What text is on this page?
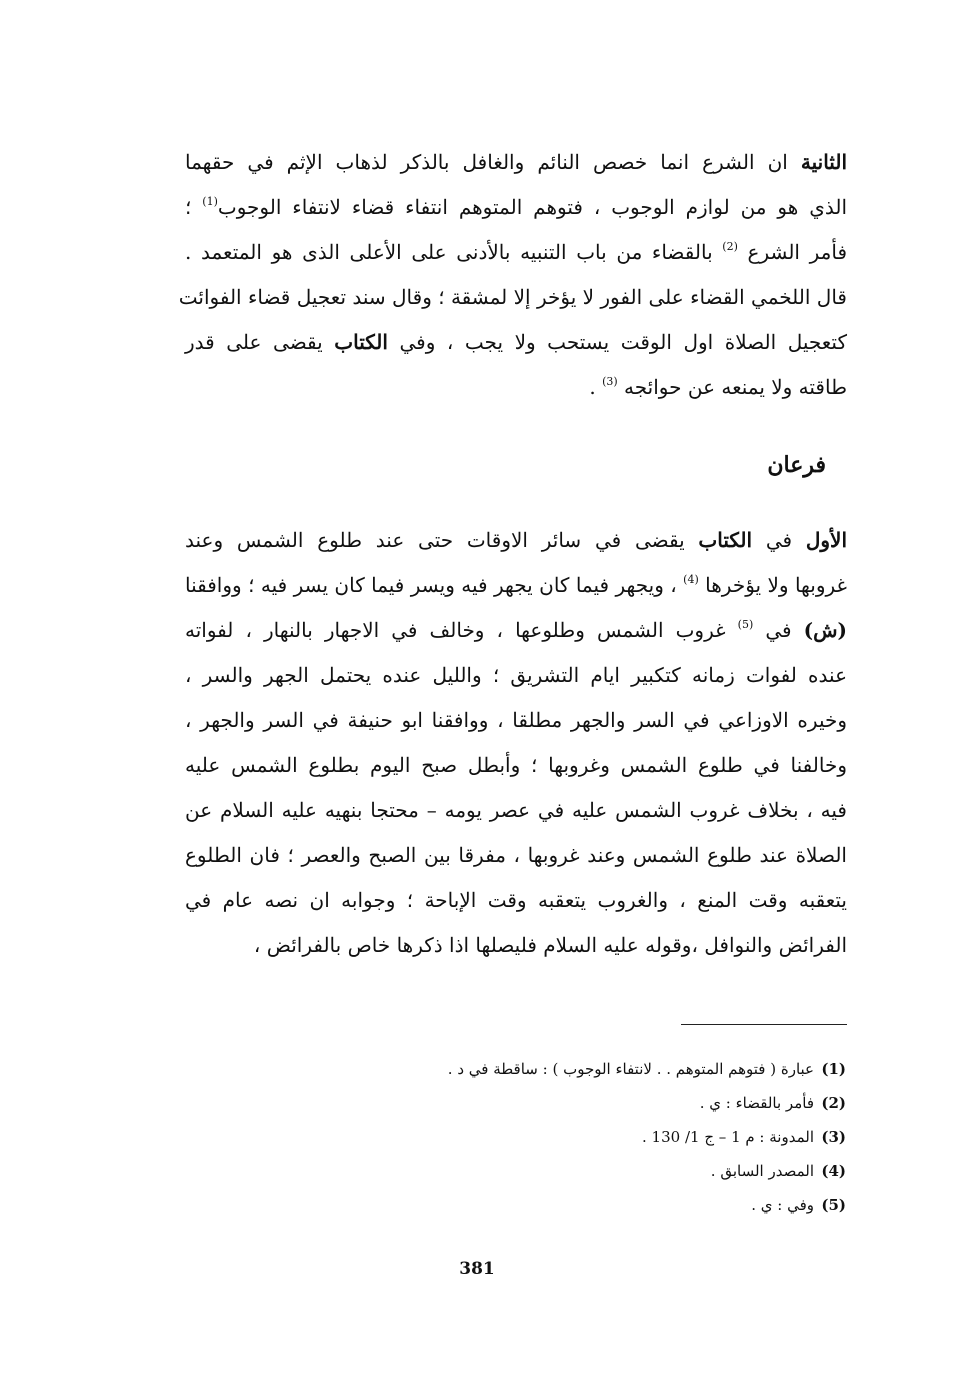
الثانية ان الشرع انما خصص النائم والغافل بالذكر لذهاب الإثم في حقهما
الذي هو من لوازم الوجوب ، فتوهم المتوهم انتفاء قضاء لانتفاء الوجوب$^{(1)}$ ؛
فأمر الشرع $^{(2)}$ بالقضاء من باب التنبيه بالأدنى على الأعلى الذى هو المتعمد .
قال اللخمي القضاء على الفور لا يؤخر إلا لمشقة ؛ وقال سند تعجيل قضاء الفوائت
كتعجيل الصلاة اول الوقت يستحب ولا يجب ، وفي الكتاب يقضى على قدر
طاقته ولا يمنعه عن حوائجه $^{(3)}$ .
فرعان
الأول في الكتاب يقضى في سائر الاوقات حتى عند طلوع الشمس وعند
غروبها ولا يؤخرها $^{(4)}$ ، ويجهر فيما كان يجهر فيه ويسر فيما كان يسر فيه ؛ ووافقنا
(ش) في $^{(5)}$ غروب الشمس وطلوعها ، وخالف في الاجهار بالنهار ، لفواته
عنده لفوات زمانه كتكبير ايام التشريق ؛ والليل عنده يحتمل الجهر والسر ،
وخيره الاوزاعي في السر والجهر مطلقا ، ووافقنا ابو حنيفة في السر والجهر ،
وخالفنا في طلوع الشمس وغروبها ؛ وأبطل صبح اليوم بطلوع الشمس عليه
فيه ، بخلاف غروب الشمس عليه في عصر يومه – محتجا بنهيه عليه السلام عن
الصلاة عند طلوع الشمس وعند غروبها ، مفرقا بين الصبح والعصر ؛ فان الطلوع
يتعقبه وقت المنع ، والغروب يتعقبه وقت الإباحة ؛ وجوابه ان نصه عام في
الفرائض والنوافل ،وقوله عليه السلام فليصلها اذا ذكرها خاص بالفرائض ،
(1)عبارة ( فتوهم المتوهم . . لانتفاء الوجوب ) : ساقطة في د .
(2)فأمر بالقضاء : ي .
(3)المدونة : م 1 – ج 1/ 130 .
(4)المصدر السابق .
(5)وفي : ي .
381
